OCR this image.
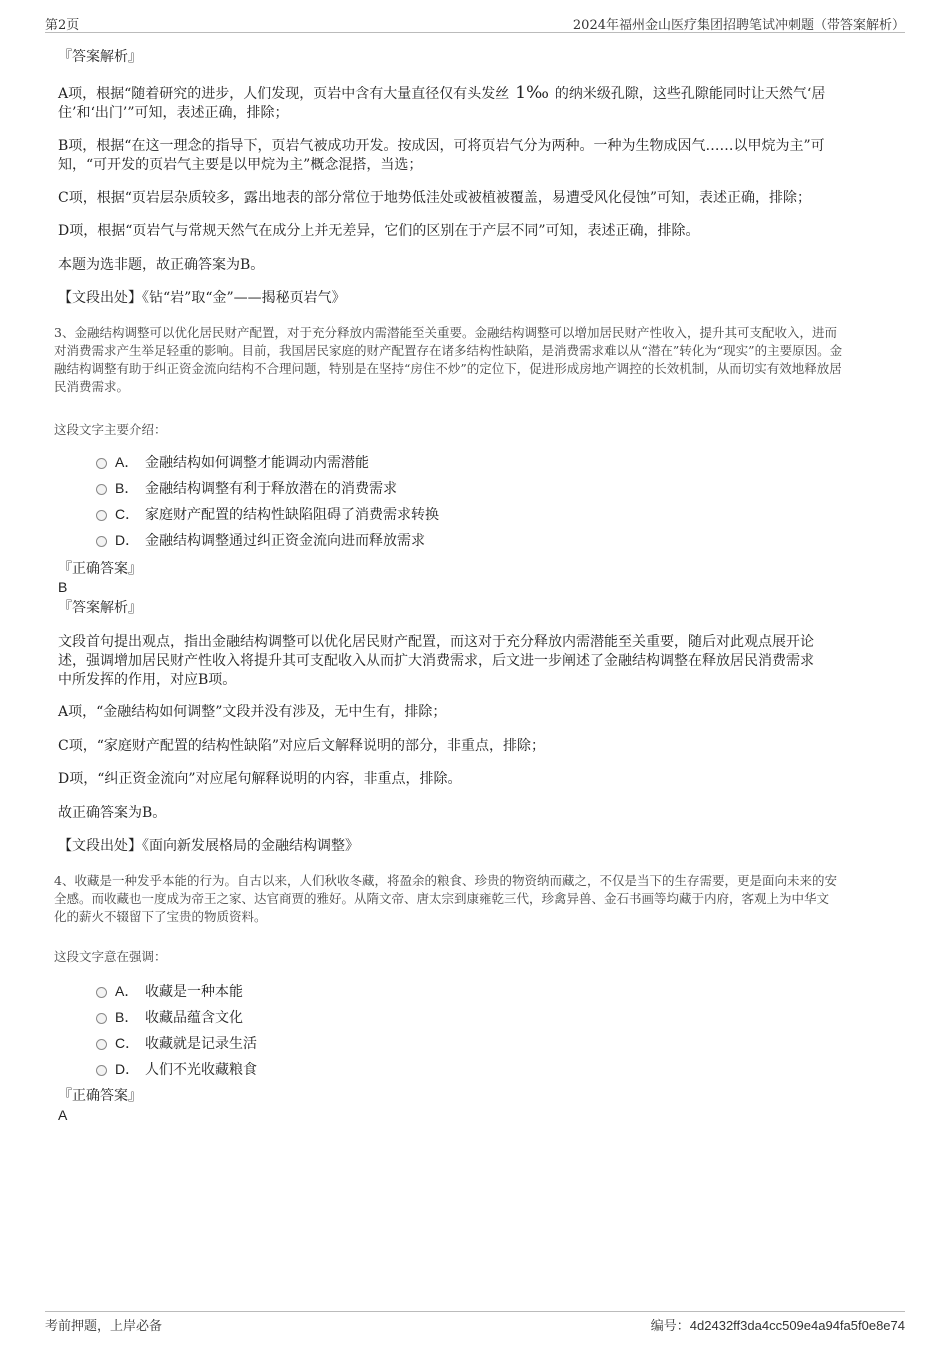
第2页	2024年福州金山医疗集团招聘笔试冲刺题（带答案解析）
『答案解析』
A项，根据“随着研究的进步，人们发现，页岩中含有大量直径仅有头发丝 1‰ 的纳米级孔隙，这些孔隙能同时让天然气‘居
住’和‘出门’”可知，表述正确，排除；
B项，根据“在这一理念的指导下，页岩气被成功开发。按成因，可将页岩气分为两种。一种为生物成因气……以甲烷为主”可
知，“可开发的页岩气主要是以甲烷为主”概念混搭，当选；
C项，根据“页岩层杂质较多，露出地表的部分常位于地势低洼处或被植被覆盖，易遭受风化侵蚀”可知，表述正确，排除；
D项，根据“页岩气与常规天然气在成分上并无差异，它们的区别在于产层不同”可知，表述正确，排除。
本题为选非题，故正确答案为B。
【文段出处】《钻“岩”取“金”——揭秘页岩气》
3、金融结构调整可以优化居民财产配置，对于充分释放内需潜能至关重要。金融结构调整可以增加居民财产性收入，提升其可支配收入，进而
对消费需求产生举足轻重的影响。目前，我国居民家庭的财产配置存在诸多结构性缺陷，是消费需求难以从“潜在”转化为“现实”的主要原因。金
融结构调整有助于纠正资金流向结构不合理问题，特别是在坚持“房住不炒”的定位下，促进形成房地产调控的长效机制，从而切实有效地释放居
民消费需求。
这段文字主要介绍：
A． 金融结构如何调整才能调动内需潜能
B． 金融结构调整有利于释放潜在的消费需求
C． 家庭财产配置的结构性缺陷阻碍了消费需求转换
D． 金融结构调整通过纠正资金流向进而释放需求
『正确答案』
B
『答案解析』
文段首句提出观点，指出金融结构调整可以优化居民财产配置，而这对于充分释放内需潜能至关重要，随后对此观点展开论
述，强调增加居民财产性收入将提升其可支配收入从而扩大消费需求，后文进一步阐述了金融结构调整在释放居民消费需求
中所发挥的作用，对应B项。
A项，“金融结构如何调整”文段并没有涉及，无中生有，排除；
C项，“家庭财产配置的结构性缺陷”对应后文解释说明的部分，非重点，排除；
D项，“纠正资金流向”对应尾句解释说明的内容，非重点，排除。
故正确答案为B。
【文段出处】《面向新发展格局的金融结构调整》
4、收藏是一种发乎本能的行为。自古以来，人们秋收冬藏，将盈余的粮食、珍贵的物资纳而藏之，不仅是当下的生存需要，更是面向未来的安
全感。而收藏也一度成为帝王之家、达官商贾的雅好。从隋文帝、唐太宗到康雍乾三代，珍禽异兽、金石书画等均藏于内府，客观上为中华文
化的薪火不辍留下了宝贵的物质资料。
这段文字意在强调：
A． 收藏是一种本能
B． 收藏品蕴含文化
C． 收藏就是记录生活
D． 人们不光收藏粮食
『正确答案』
A
考前押题，上岸必备	编号：4d2432ff3da4cc509e4a94fa5f0e8e74
